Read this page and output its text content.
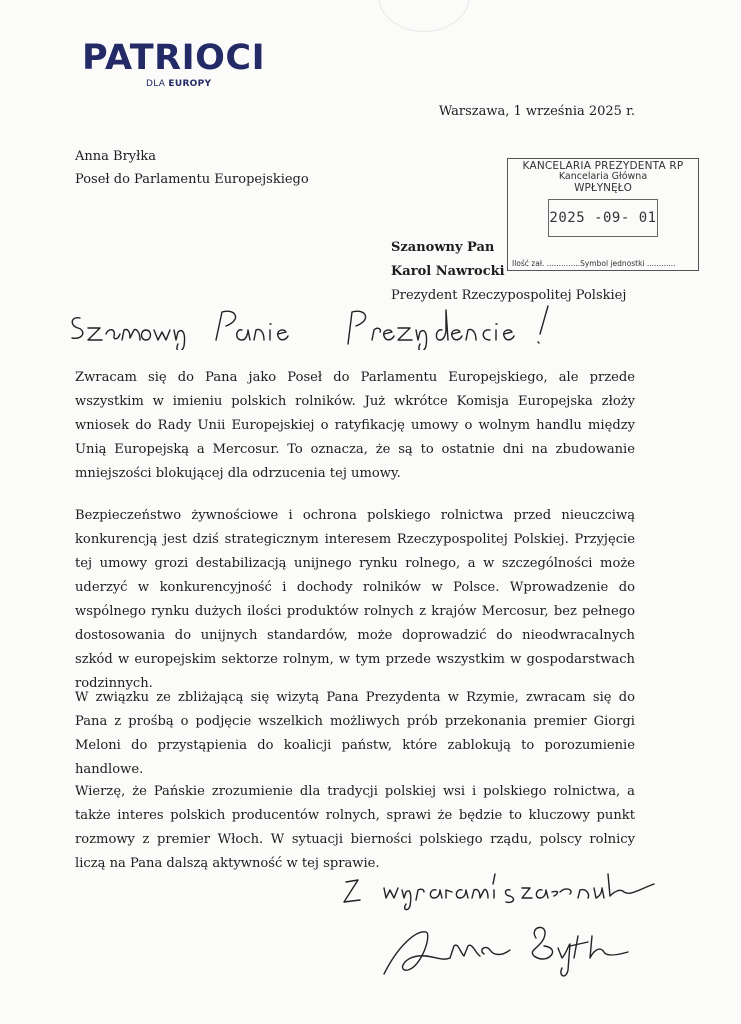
PATRIOCI
DLA EUROPY
Warszawa, 1 września 2025 r.
Anna Bryłka
Poseł do Parlamentu Europejskiego
KANCELARIA PREZYDENTA RP
Kancelaria Główna
WPŁYNĘŁO
2025 -09- 01
Ilość zał. ..............Symbol jednostki ............
Szanowny Pan
Karol Nawrocki
Prezydent Rzeczypospolitej Polskiej

Zwracam się do Pana jako Poseł do Parlamentu Europejskiego, ale przede wszystkim w imieniu polskich rolników. Już wkrótce Komisja Europejska złoży wniosek do Rady Unii Europejskiej o ratyfikację umowy o wolnym handlu między Unią Europejską a Mercosur. To oznacza, że są to ostatnie dni na zbudowanie mniejszości blokującej dla odrzucenia tej umowy.

Bezpieczeństwo żywnościowe i ochrona polskiego rolnictwa przed nieuczciwą konkurencją jest dziś strategicznym interesem Rzeczypospolitej Polskiej. Przyjęcie tej umowy grozi destabilizacją unijnego rynku rolnego, a w szczególności może uderzyć w konkurencyjność i dochody rolników w Polsce. Wprowadzenie do wspólnego rynku dużych ilości produktów rolnych z krajów Mercosur, bez pełnego dostosowania do unijnych standardów, może doprowadzić do nieodwracalnych szkód w europejskim sektorze rolnym, w tym przede wszystkim w gospodarstwach rodzinnych.

W związku ze zbliżającą się wizytą Pana Prezydenta w Rzymie, zwracam się do Pana z prośbą o podjęcie wszelkich możliwych prób przekonania premier Giorgi Meloni do przystąpienia do koalicji państw, które zablokują to porozumienie handlowe.

Wierzę, że Pańskie zrozumienie dla tradycji polskiej wsi i polskiego rolnictwa, a także interes polskich producentów rolnych, sprawi że będzie to kluczowy punkt rozmowy z premier Włoch. W sytuacji bierności polskiego rządu, polscy rolnicy liczą na Pana dalszą aktywność w tej sprawie.
